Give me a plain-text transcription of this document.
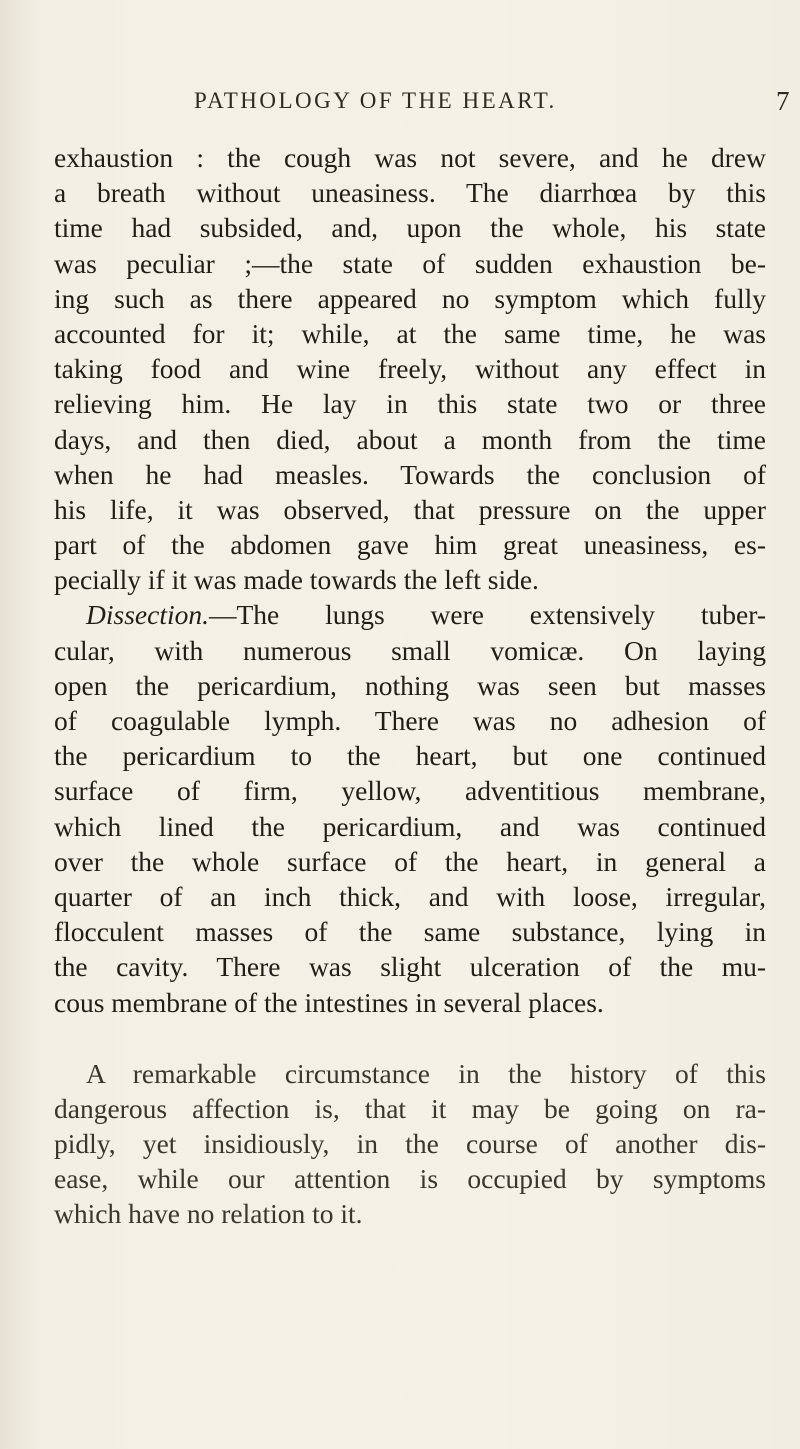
PATHOLOGY OF THE HEART.	7
exhaustion : the cough was not severe, and he drew
a breath without uneasiness. The diarrhœa by this
time had subsided, and, upon the whole, his state
was peculiar ;—the state of sudden exhaustion be-
ing such as there appeared no symptom which fully
accounted for it; while, at the same time, he was
taking food and wine freely, without any effect in
relieving him. He lay in this state two or three
days, and then died, about a month from the time
when he had measles. Towards the conclusion of
his life, it was observed, that pressure on the upper
part of the abdomen gave him great uneasiness, es-
pecially if it was made towards the left side.
Dissection.—The lungs were extensively tuber-
cular, with numerous small vomicæ. On laying
open the pericardium, nothing was seen but masses
of coagulable lymph. There was no adhesion of
the pericardium to the heart, but one continued
surface of firm, yellow, adventitious membrane,
which lined the pericardium, and was continued
over the whole surface of the heart, in general a
quarter of an inch thick, and with loose, irregular,
flocculent masses of the same substance, lying in
the cavity. There was slight ulceration of the mu-
cous membrane of the intestines in several places.
A remarkable circumstance in the history of this
dangerous affection is, that it may be going on ra-
pidly, yet insidiously, in the course of another dis-
ease, while our attention is occupied by symptoms
which have no relation to it.
